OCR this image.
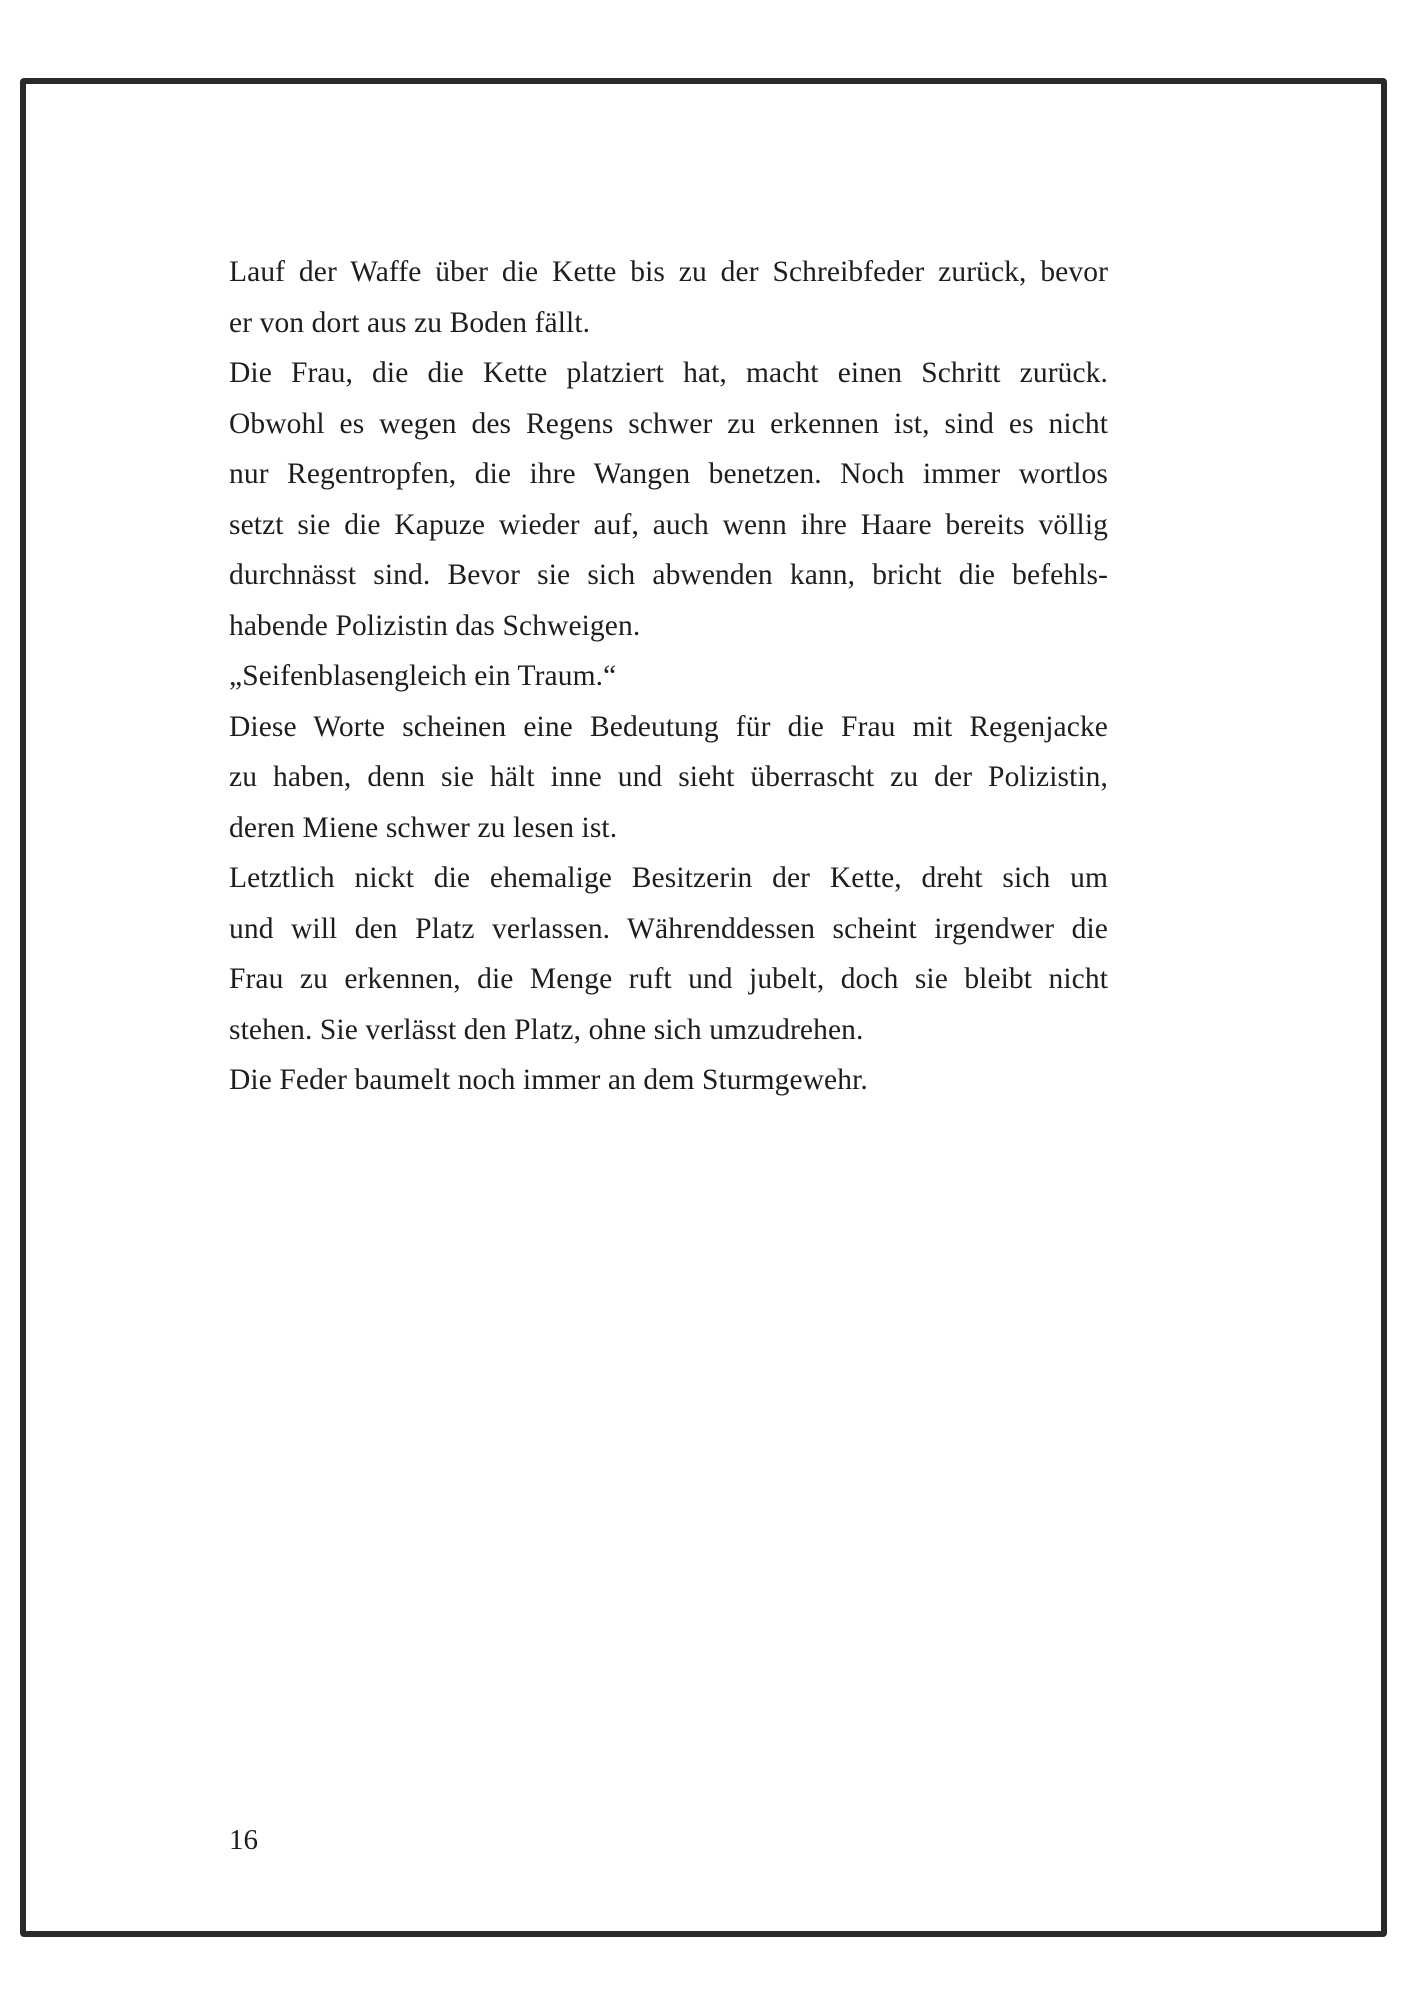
Lauf der Waffe über die Kette bis zu der Schreibfeder zurück, bevor
er von dort aus zu Boden fällt.
Die Frau, die die Kette platziert hat, macht einen Schritt zurück.
Obwohl es wegen des Regens schwer zu erkennen ist, sind es nicht
nur Regentropfen, die ihre Wangen benetzen. Noch immer wortlos
setzt sie die Kapuze wieder auf, auch wenn ihre Haare bereits völlig
durchnässt sind. Bevor sie sich abwenden kann, bricht die befehls-
habende Polizistin das Schweigen.
„Seifenblasengleich ein Traum.“
Diese Worte scheinen eine Bedeutung für die Frau mit Regenjacke
zu haben, denn sie hält inne und sieht überrascht zu der Polizistin,
deren Miene schwer zu lesen ist.
Letztlich nickt die ehemalige Besitzerin der Kette, dreht sich um
und will den Platz verlassen. Währenddessen scheint irgendwer die
Frau zu erkennen, die Menge ruft und jubelt, doch sie bleibt nicht
stehen. Sie verlässt den Platz, ohne sich umzudrehen.
Die Feder baumelt noch immer an dem Sturmgewehr.
16
